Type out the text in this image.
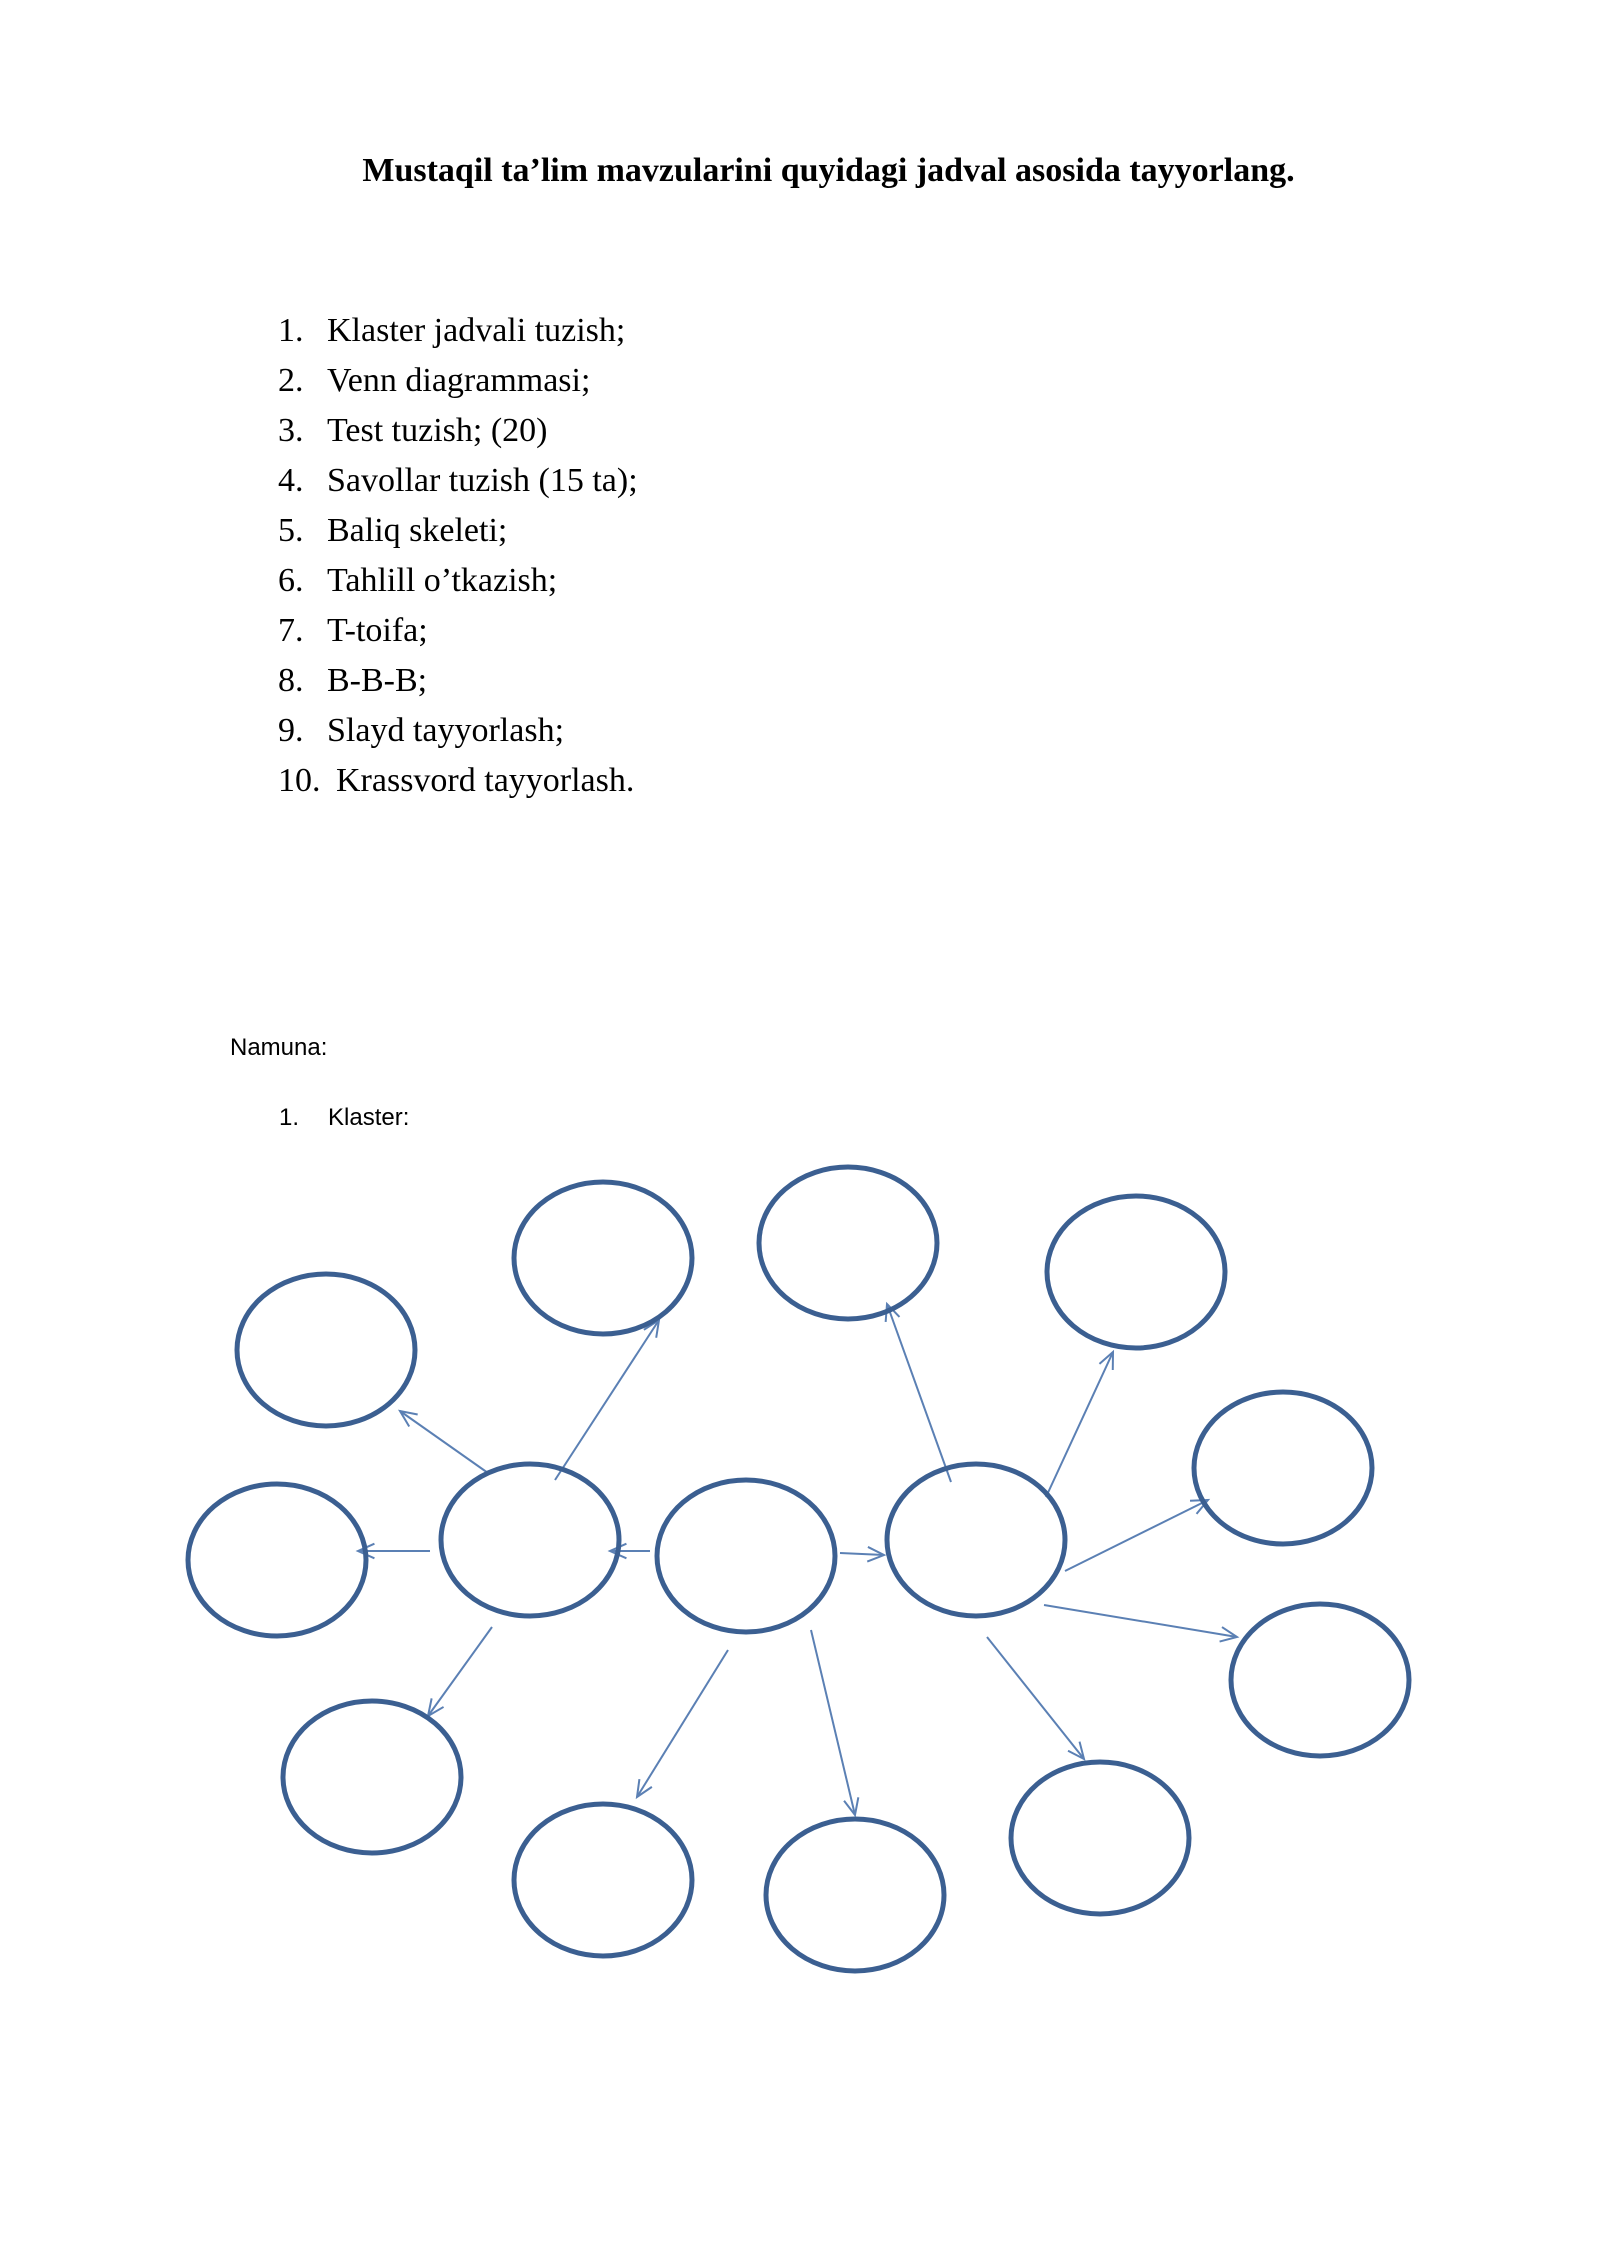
Mustaqil ta’lim mavzularini quyidagi jadval asosida tayyorlang.
1. Klaster jadvali tuzish;
2. Venn diagrammasi;
3. Test tuzish; (20)
4. Savollar tuzish (15 ta);
5. Baliq skeleti;
6. Tahlill o’tkazish;
7. T-toifa;
8. B-B-B;
9. Slayd tayyorlash;
10. Krassvord tayyorlash.
Namuna:
1. Klaster:
